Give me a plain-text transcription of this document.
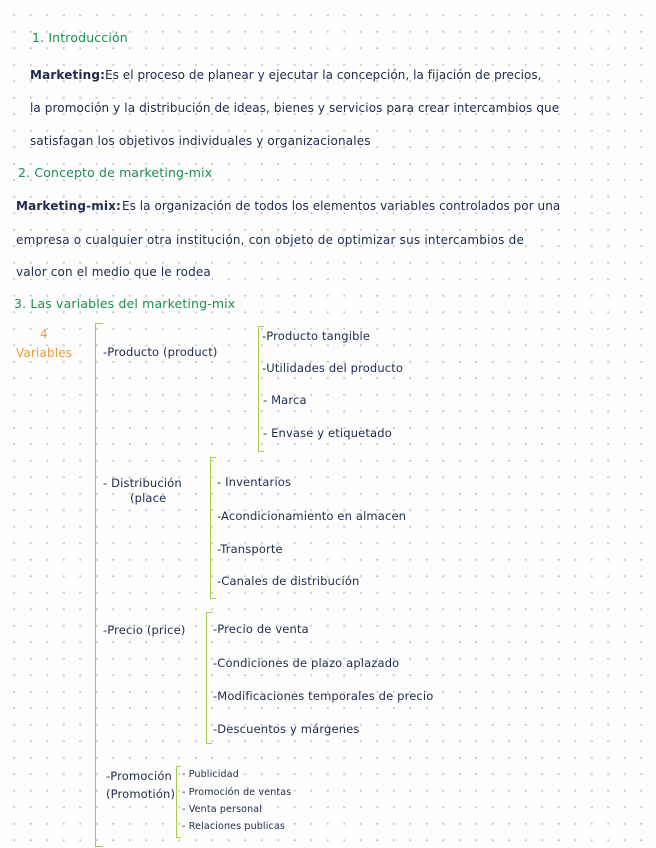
1. Introducción
Marketing: Es el proceso de planear y ejecutar la concepción, la fijación de precios,
la promoción y la distribución de ideas, bienes y servicios para crear intercambios que
satisfagan los objetivos individuales y organizacionales
2. Concepto de marketing-mix
Marketing-mix: Es la organización de todos los elementos variables controlados por una
empresa o cualquier otra institución, con objeto de optimizar sus intercambios de
valor con el medio que le rodea
3. Las variables del marketing-mix
4
Variables	-Producto (product)
-Producto tangible
-Utilidades del producto
- Marca
- Envase y etiquetado
- Distribución
(place
- Inventarios
-Acondicionamiento en almacen
-Transporte
-Canales de distribución
-Precio (price) -Precio de venta
-Condiciones de plazo aplazado
-Modificaciones temporales de precio
-Descuentos y márgenes
-Promoción
(Promotión)
- Publicidad
- Promoción de ventas
- Venta personal
- Relaciones publicas
